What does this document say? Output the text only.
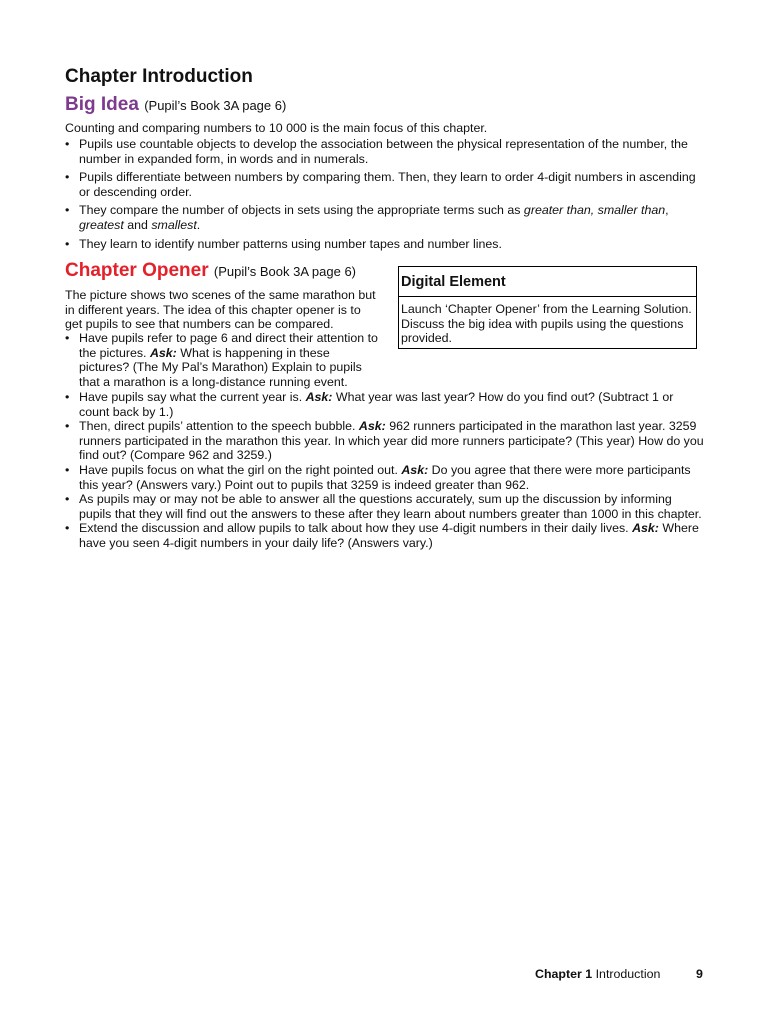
Chapter Introduction
Big Idea (Pupil’s Book 3A page 6)

Counting and comparing numbers to 10 000 is the main focus of this chapter.

• Pupils use countable objects to develop the association between the physical representation of the number, the number in expanded form, in words and in numerals.
• Pupils differentiate between numbers by comparing them. Then, they learn to order 4-digit numbers in ascending or descending order.
• They compare the number of objects in sets using the appropriate terms such as greater than, smaller than, greatest and smallest.
• They learn to identify number patterns using number tapes and number lines.
Chapter Opener (Pupil’s Book 3A page 6)

The picture shows two scenes of the same marathon but in different years. The idea of this chapter opener is to get pupils to see that numbers can be compared.

• Have pupils refer to page 6 and direct their attention to the pictures. Ask: What is happening in these pictures? (The My Pal’s Marathon) Explain to pupils that a marathon is a long-distance running event.
• Have pupils say what the current year is. Ask: What year was last year? How do you find out? (Subtract 1 or count back by 1.)
• Then, direct pupils’ attention to the speech bubble. Ask: 962 runners participated in the marathon last year. 3259 runners participated in the marathon this year. In which year did more runners participate? (This year) How do you find out? (Compare 962 and 3259.)
• Have pupils focus on what the girl on the right pointed out. Ask: Do you agree that there were more participants this year? (Answers vary.) Point out to pupils that 3259 is indeed greater than 962.
• As pupils may or may not be able to answer all the questions accurately, sum up the discussion by informing pupils that they will find out the answers to these after they learn about numbers greater than 1000 in this chapter.
• Extend the discussion and allow pupils to talk about how they use 4-digit numbers in their daily lives. Ask: Where have you seen 4-digit numbers in your daily life? (Answers vary.)
Digital Element
Launch ‘Chapter Opener’ from the Learning Solution. Discuss the big idea with pupils using the questions provided.
Chapter 1 Introduction	9
